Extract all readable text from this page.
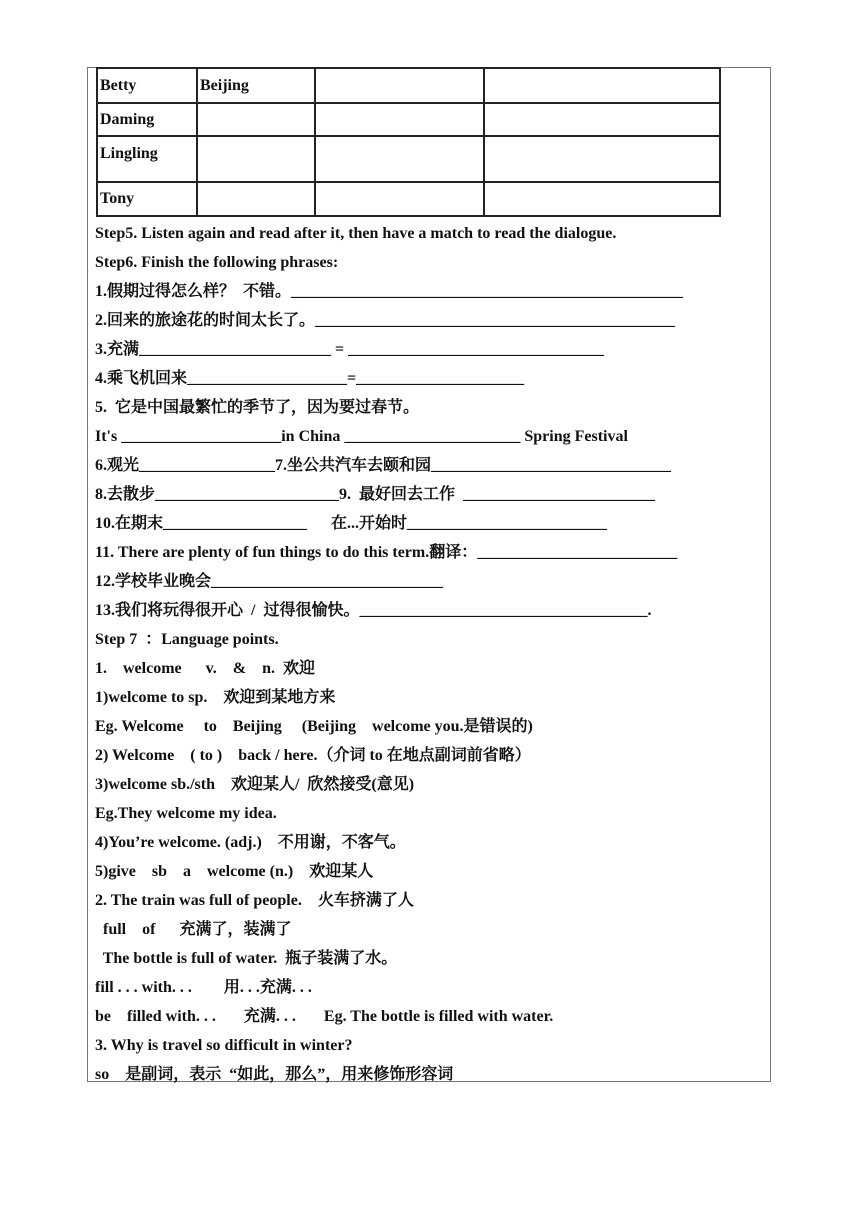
Betty	Beijing		
Daming			
Lingling			
Tony			
Step5. Listen again and read after it, then have a match to read the dialogue.
Step6. Finish the following phrases:
1.假期过得怎么样？  不错。_________________________________________________
2.回来的旅途花的时间太长了。_____________________________________________
3.充满________________________ = ________________________________
4.乘飞机回来____________________=_____________________
5.  它是中国最繁忙的季节了，因为要过春节。
It's ____________________in China ______________________ Spring Festival
6.观光_________________7.坐公共汽车去颐和园______________________________
8.去散步_______________________9.  最好回去工作  ________________________
10.在期末__________________      在...开始时_________________________
11. There are plenty of fun things to do this term.翻译：_________________________
12.学校毕业晚会_____________________________
13.我们将玩得很开心  /  过得很愉快。____________________________________.
Step 7  ：Language points.
1.    welcome      v.    &    n.  欢迎
1)welcome to sp.    欢迎到某地方来
Eg. Welcome     to    Beijing     (Beijing    welcome you.是错误的)
2) Welcome    ( to )    back / here.（介词 to 在地点副词前省略）
3)welcome sb./sth    欢迎某人/  欣然接受(意见)
Eg.They welcome my idea.
4)You’re welcome. (adj.)    不用谢，不客气。
5)give    sb    a    welcome (n.)    欢迎某人
2. The train was full of people.    火车挤满了人
full    of      充满了，装满了
The bottle is full of water.  瓶子装满了水。
fill . . . with. . .        用. . .充满. . .
be    filled with. . .       充满. . .       Eg. The bottle is filled with water.
3. Why is travel so difficult in winter?
so    是副词，表示  “如此，那么”，用来修饰形容词
